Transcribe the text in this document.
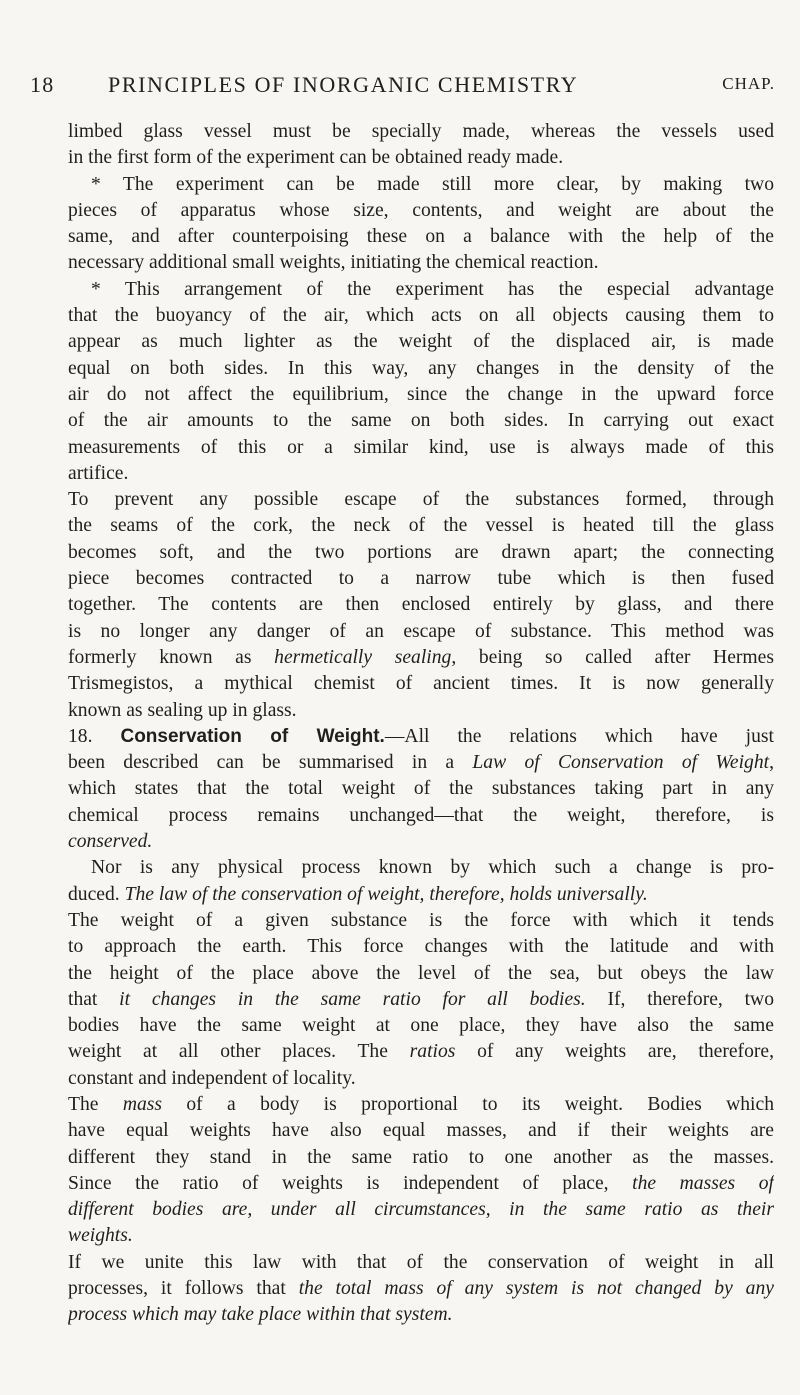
18 PRINCIPLES OF INORGANIC CHEMISTRY	CHAP.
limbed glass vessel must be specially made, whereas the vessels used
in the first form of the experiment can be obtained ready made.
* The experiment can be made still more clear, by making two
pieces of apparatus whose size, contents, and weight are about the
same, and after counterpoising these on a balance with the help of the
necessary additional small weights, initiating the chemical reaction.
* This arrangement of the experiment has the especial advantage
that the buoyancy of the air, which acts on all objects causing them to
appear as much lighter as the weight of the displaced air, is made
equal on both sides. In this way, any changes in the density of the
air do not affect the equilibrium, since the change in the upward force
of the air amounts to the same on both sides. In carrying out exact
measurements of this or a similar kind, use is always made of this
artifice.
To prevent any possible escape of the substances formed, through
the seams of the cork, the neck of the vessel is heated till the glass
becomes soft, and the two portions are drawn apart; the connecting
piece becomes contracted to a narrow tube which is then fused
together. The contents are then enclosed entirely by glass, and there
is no longer any danger of an escape of substance. This method was
formerly known as hermetically sealing, being so called after Hermes
Trismegistos, a mythical chemist of ancient times. It is now generally
known as sealing up in glass.
18. Conservation of Weight.—All the relations which have just
been described can be summarised in a Law of Conservation of Weight,
which states that the total weight of the substances taking part in any
chemical process remains unchanged—that the weight, therefore, is
conserved.
Nor is any physical process known by which such a change is pro-
duced. The law of the conservation of weight, therefore, holds universally.
The weight of a given substance is the force with which it tends
to approach the earth. This force changes with the latitude and with
the height of the place above the level of the sea, but obeys the law
that it changes in the same ratio for all bodies. If, therefore, two
bodies have the same weight at one place, they have also the same
weight at all other places. The ratios of any weights are, therefore,
constant and independent of locality.
The mass of a body is proportional to its weight. Bodies which
have equal weights have also equal masses, and if their weights are
different they stand in the same ratio to one another as the masses.
Since the ratio of weights is independent of place, the masses of
different bodies are, under all circumstances, in the same ratio as their
weights.
If we unite this law with that of the conservation of weight in all
processes, it follows that the total mass of any system is not changed by any
process which may take place within that system.
